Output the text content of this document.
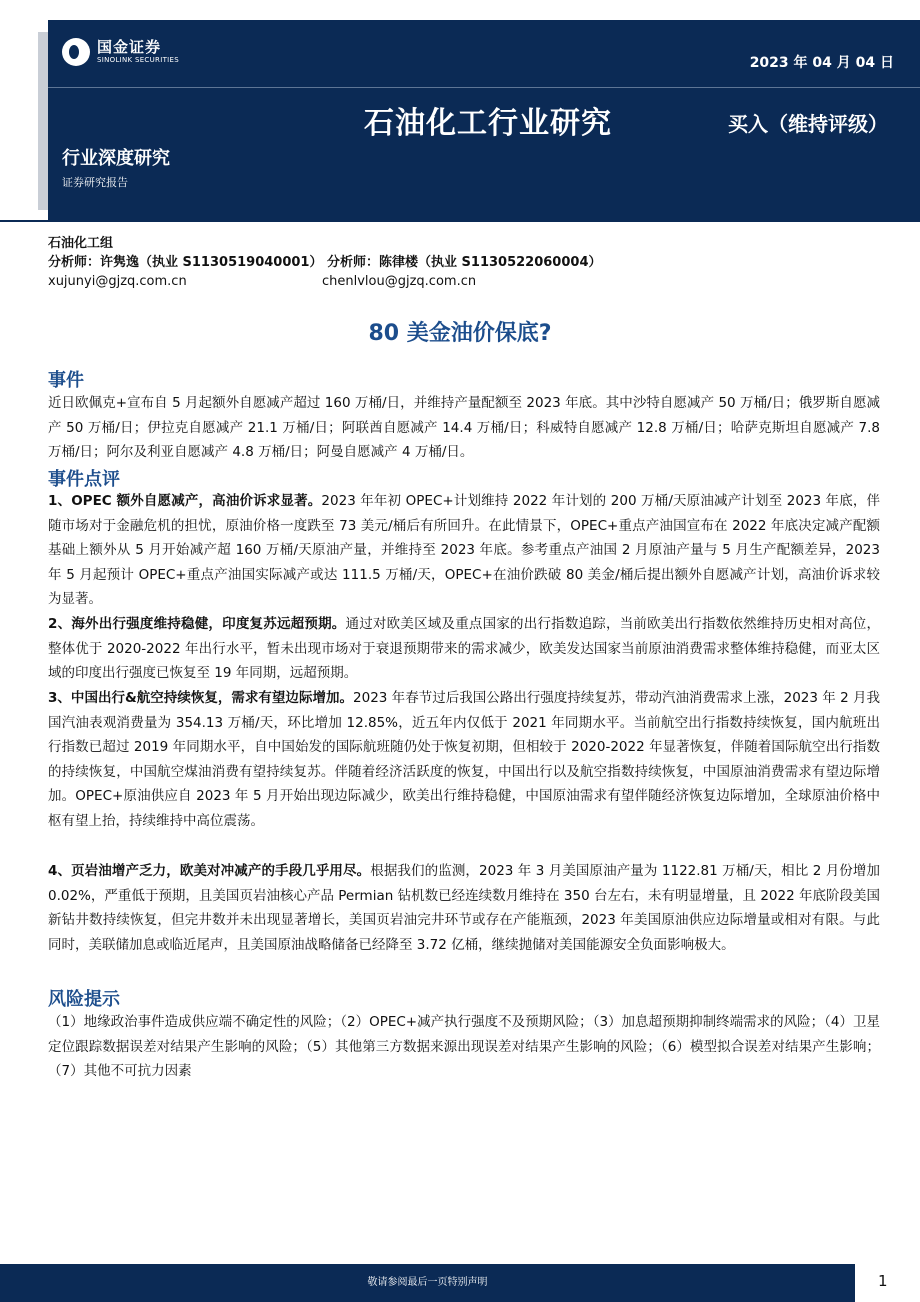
国金证券
SINOLINK SECURITIES	2023 年 04 月 04 日
石油化工行业研究	买入（维持评级）
行业深度研究
证券研究报告
石油化工组
分析师：许隽逸（执业 S1130519040001） 分析师：陈律楼（执业 S1130522060004）
xujunyi@gjzq.com.cn	chenlvlou@gjzq.com.cn
80 美金油价保底?
事件
近日欧佩克+宣布自 5 月起额外自愿减产超过 160 万桶/日，并维持产量配额至 2023 年底。其中沙特自愿减产 50 万桶/日；俄罗斯自愿减产 50 万桶/日；伊拉克自愿减产 21.1 万桶/日；阿联酋自愿减产 14.4 万桶/日；科威特自愿减产 12.8 万桶/日；哈萨克斯坦自愿减产 7.8 万桶/日；阿尔及利亚自愿减产 4.8 万桶/日；阿曼自愿减产 4 万桶/日。
事件点评
1、OPEC 额外自愿减产，高油价诉求显著。2023 年年初 OPEC+计划维持 2022 年计划的 200 万桶/天原油减产计划至 2023 年底，伴随市场对于金融危机的担忧，原油价格一度跌至 73 美元/桶后有所回升。在此情景下，OPEC+重点产油国宣布在 2022 年底决定减产配额基础上额外从 5 月开始减产超 160 万桶/天原油产量，并维持至 2023 年底。参考重点产油国 2 月原油产量与 5 月生产配额差异，2023 年 5 月起预计 OPEC+重点产油国实际减产或达 111.5 万桶/天，OPEC+在油价跌破 80 美金/桶后提出额外自愿减产计划，高油价诉求较为显著。
2、海外出行强度维持稳健，印度复苏远超预期。通过对欧美区域及重点国家的出行指数追踪，当前欧美出行指数依然维持历史相对高位，整体优于 2020-2022 年出行水平，暂未出现市场对于衰退预期带来的需求减少，欧美发达国家当前原油消费需求整体维持稳健，而亚太区域的印度出行强度已恢复至 19 年同期，远超预期。
3、中国出行&航空持续恢复，需求有望边际增加。2023 年春节过后我国公路出行强度持续复苏，带动汽油消费需求上涨，2023 年 2 月我国汽油表观消费量为 354.13 万桶/天，环比增加 12.85%，近五年内仅低于 2021 年同期水平。当前航空出行指数持续恢复，国内航班出行指数已超过 2019 年同期水平，自中国始发的国际航班随仍处于恢复初期，但相较于 2020-2022 年显著恢复，伴随着国际航空出行指数的持续恢复，中国航空煤油消费有望持续复苏。伴随着经济活跃度的恢复，中国出行以及航空指数持续恢复，中国原油消费需求有望边际增加。OPEC+原油供应自 2023 年 5 月开始出现边际减少，欧美出行维持稳健，中国原油需求有望伴随经济恢复边际增加，全球原油价格中枢有望上抬，持续维持中高位震荡。
4、页岩油增产乏力，欧美对冲减产的手段几乎用尽。根据我们的监测，2023 年 3 月美国原油产量为 1122.81 万桶/天，相比 2 月份增加 0.02%，严重低于预期，且美国页岩油核心产品 Permian 钻机数已经连续数月维持在 350 台左右，未有明显增量，且 2022 年底阶段美国新钻井数持续恢复，但完井数并未出现显著增长，美国页岩油完井环节或存在产能瓶颈，2023 年美国原油供应边际增量或相对有限。与此同时，美联储加息或临近尾声，且美国原油战略储备已经降至 3.72 亿桶，继续抛储对美国能源安全负面影响极大。
风险提示
（1）地缘政治事件造成供应端不确定性的风险；（2）OPEC+减产执行强度不及预期风险；（3）加息超预期抑制终端需求的风险；（4）卫星定位跟踪数据误差对结果产生影响的风险；（5）其他第三方数据来源出现误差对结果产生影响的风险；（6）模型拟合误差对结果产生影响；（7）其他不可抗力因素
敬请参阅最后一页特别声明	1
